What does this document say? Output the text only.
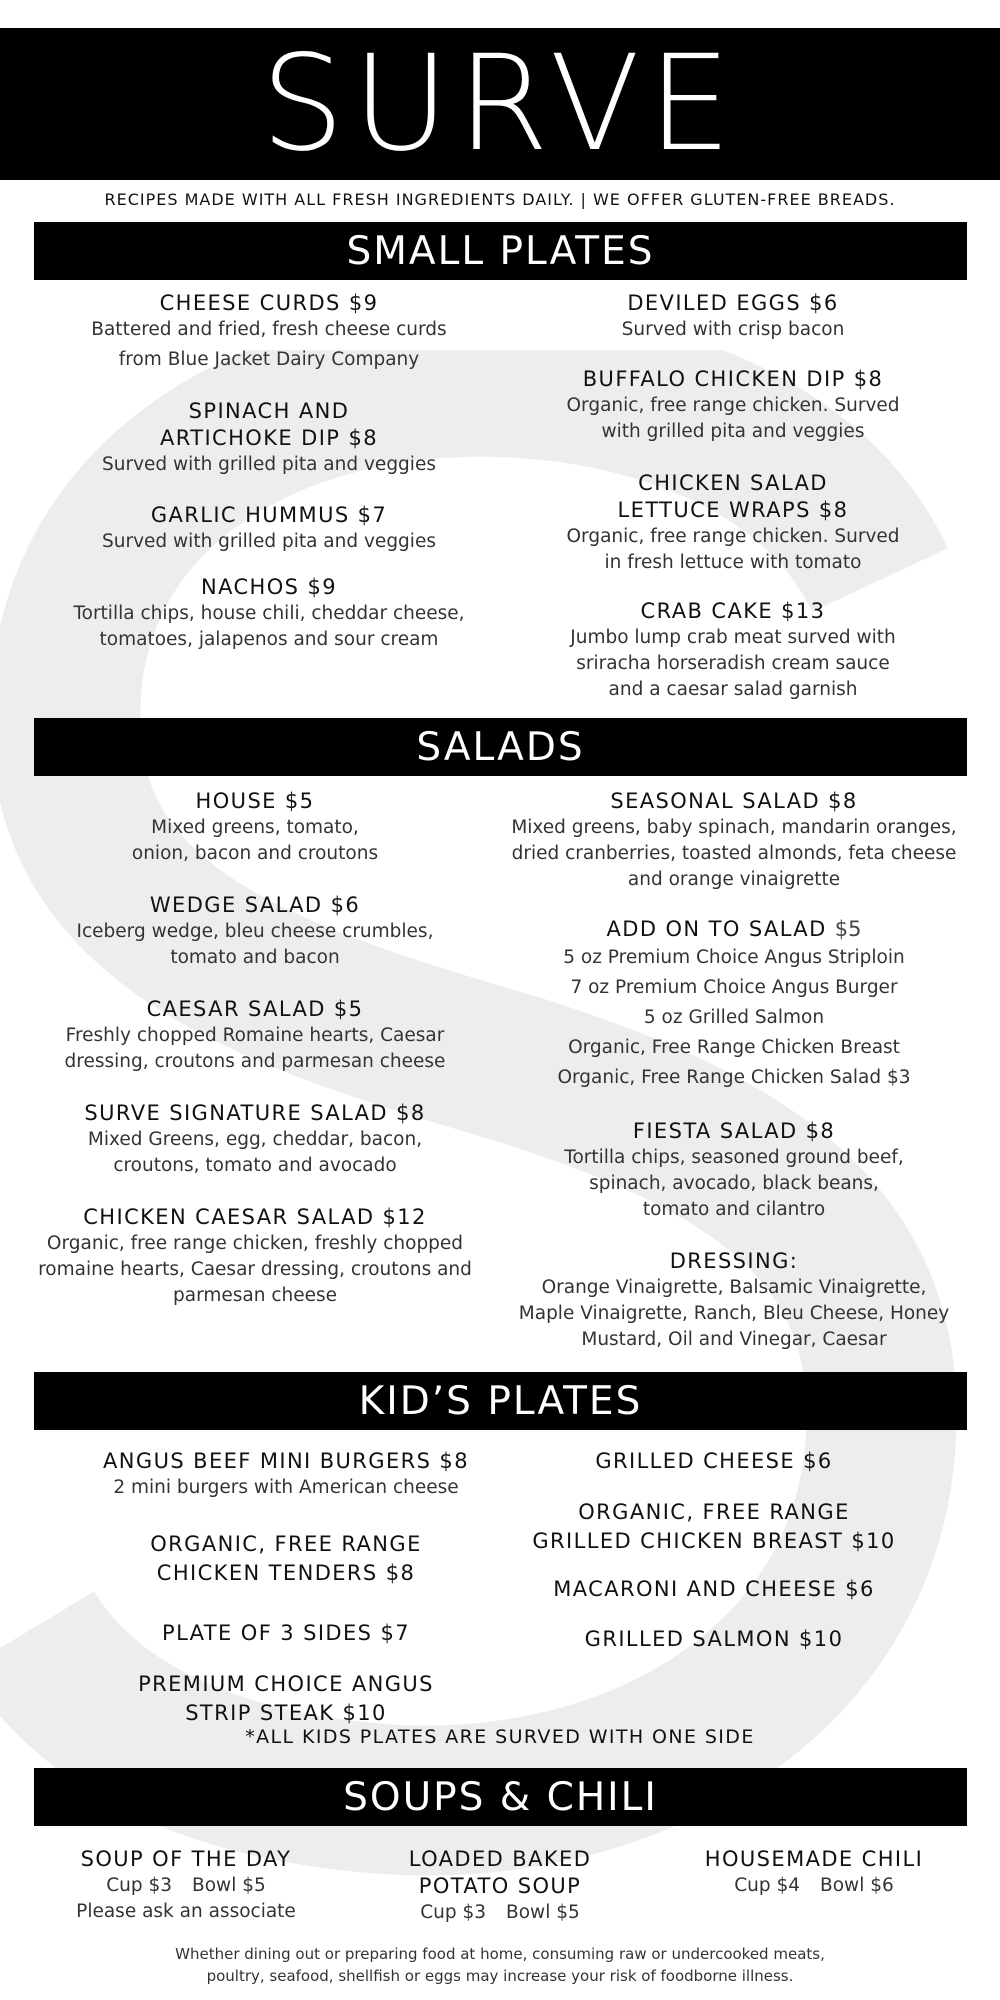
SURVE
RECIPES MADE WITH ALL FRESH INGREDIENTS DAILY. | WE OFFER GLUTEN-FREE BREADS.
SMALL PLATES
CHEESE CURDS $9
Battered and fried, fresh cheese curds
from Blue Jacket Dairy Company
SPINACH AND
ARTICHOKE DIP $8
Surved with grilled pita and veggies
GARLIC HUMMUS $7
Surved with grilled pita and veggies
NACHOS $9
Tortilla chips, house chili, cheddar cheese,
tomatoes, jalapenos and sour cream
DEVILED EGGS $6
Surved with crisp bacon
BUFFALO CHICKEN DIP $8
Organic, free range chicken. Surved
with grilled pita and veggies
CHICKEN SALAD
LETTUCE WRAPS $8
Organic, free range chicken. Surved
in fresh lettuce with tomato
CRAB CAKE $13
Jumbo lump crab meat surved with
sriracha horseradish cream sauce
and a caesar salad garnish
SALADS
HOUSE $5
Mixed greens, tomato,
onion, bacon and croutons
WEDGE SALAD $6
Iceberg wedge, bleu cheese crumbles,
tomato and bacon
CAESAR SALAD $5
Freshly chopped Romaine hearts, Caesar
dressing, croutons and parmesan cheese
SURVE SIGNATURE SALAD $8
Mixed Greens, egg, cheddar, bacon,
croutons, tomato and avocado
CHICKEN CAESAR SALAD $12
Organic, free range chicken, freshly chopped
romaine hearts, Caesar dressing, croutons and
parmesan cheese
SEASONAL SALAD $8
Mixed greens, baby spinach, mandarin oranges,
dried cranberries, toasted almonds, feta cheese
and orange vinaigrette
ADD ON TO SALAD $5
5 oz Premium Choice Angus Striploin
7 oz Premium Choice Angus Burger
5 oz Grilled Salmon
Organic, Free Range Chicken Breast
Organic, Free Range Chicken Salad $3
FIESTA SALAD $8
Tortilla chips, seasoned ground beef,
spinach, avocado, black beans,
tomato and cilantro
DRESSING:
Orange Vinaigrette, Balsamic Vinaigrette,
Maple Vinaigrette, Ranch, Bleu Cheese, Honey
Mustard, Oil and Vinegar, Caesar
KID’S PLATES
ANGUS BEEF MINI BURGERS $8
2 mini burgers with American cheese
ORGANIC, FREE RANGE
CHICKEN TENDERS $8
PLATE OF 3 SIDES $7
PREMIUM CHOICE ANGUS
STRIP STEAK $10
GRILLED CHEESE $6
ORGANIC, FREE RANGE
GRILLED CHICKEN BREAST $10
MACARONI AND CHEESE $6
GRILLED SALMON $10
*ALL KIDS PLATES ARE SURVED WITH ONE SIDE
SOUPS & CHILI
SOUP OF THE DAY
Cup $3 Bowl $5
Please ask an associate
LOADED BAKED
POTATO SOUP
Cup $3 Bowl $5
HOUSEMADE CHILI
Cup $4 Bowl $6
Whether dining out or preparing food at home, consuming raw or undercooked meats,
poultry, seafood, shellfish or eggs may increase your risk of foodborne illness.
